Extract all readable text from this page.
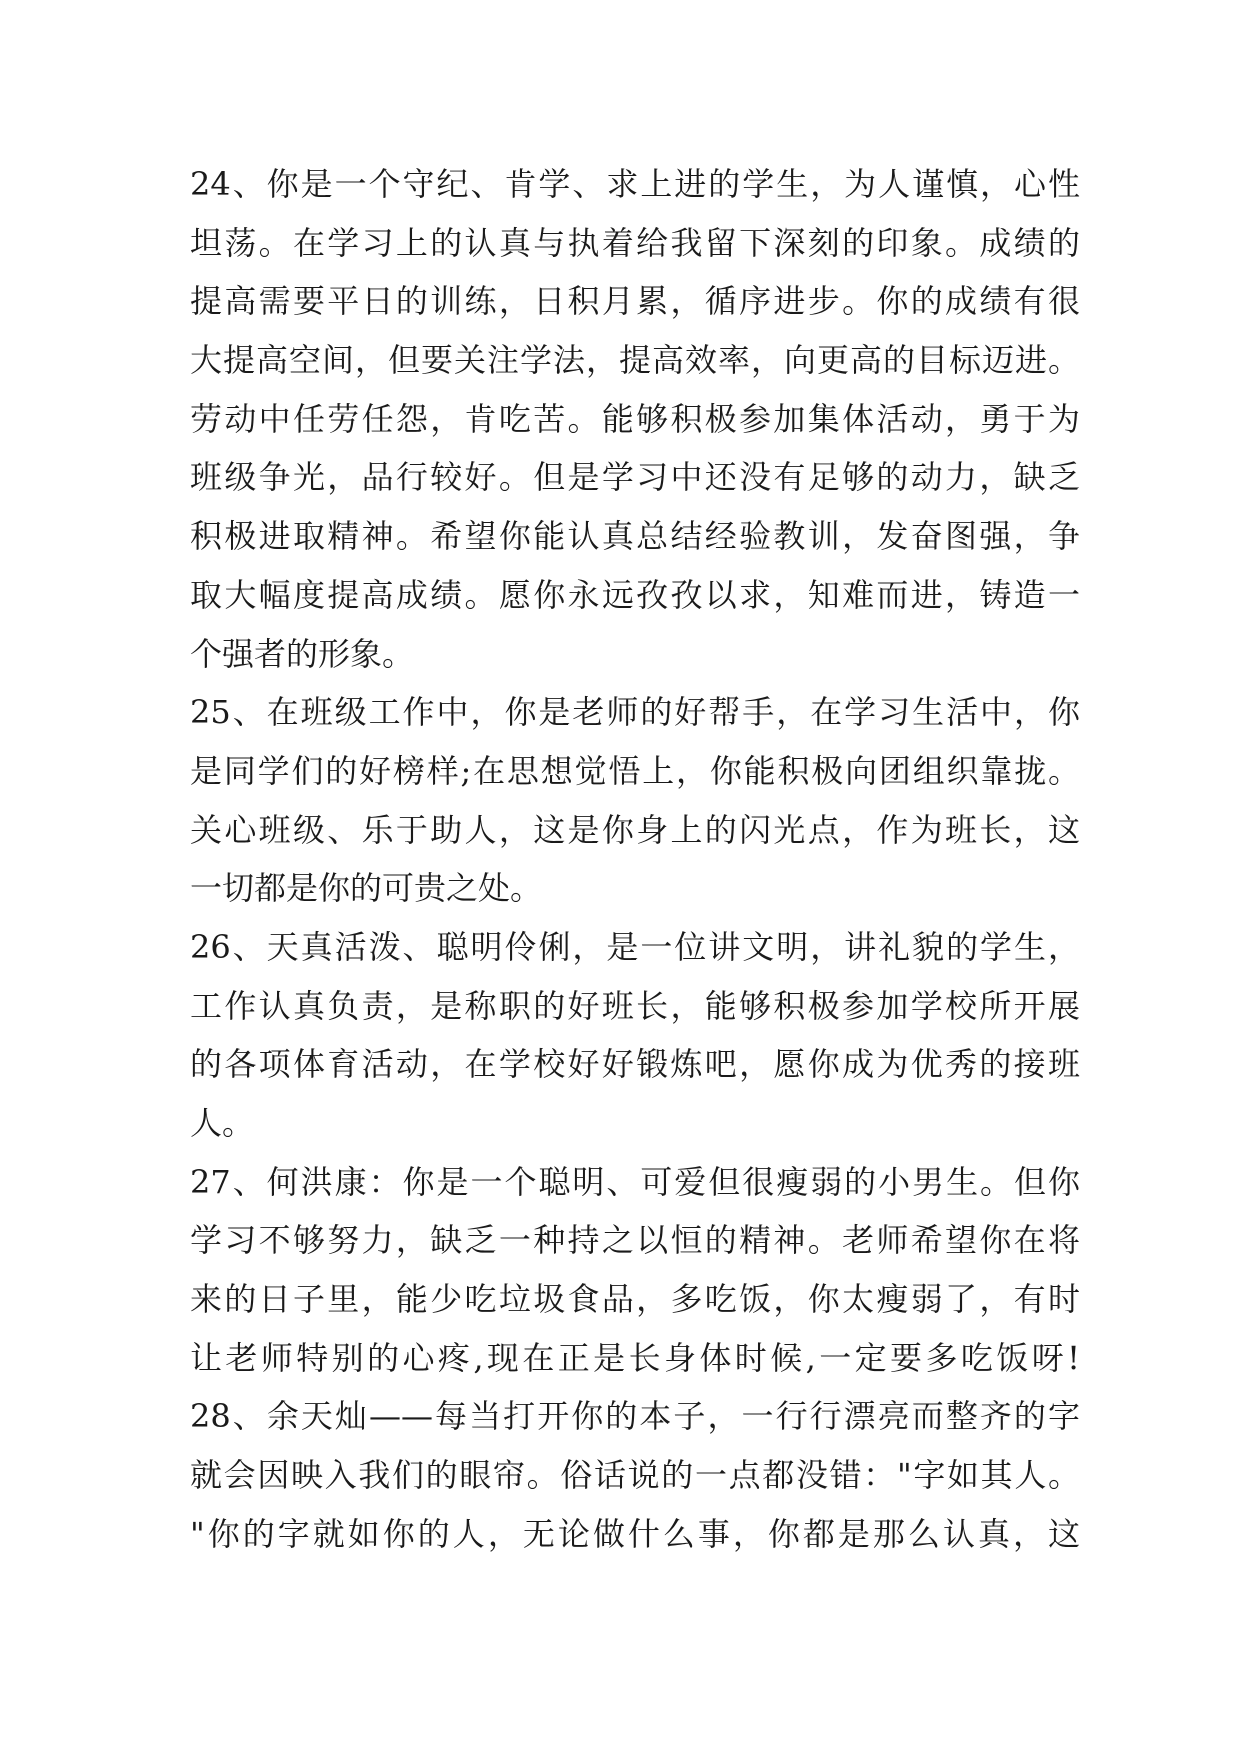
24、你是一个守纪、肯学、求上进的学生，为人谨慎，心性
坦荡。在学习上的认真与执着给我留下深刻的印象。成绩的
提高需要平日的训练，日积月累，循序进步。你的成绩有很
大提高空间，但要关注学法，提高效率，向更高的目标迈进。
劳动中任劳任怨，肯吃苦。能够积极参加集体活动，勇于为
班级争光，品行较好。但是学习中还没有足够的动力，缺乏
积极进取精神。希望你能认真总结经验教训，发奋图强，争
取大幅度提高成绩。愿你永远孜孜以求，知难而进，铸造一
个强者的形象。
25、在班级工作中，你是老师的好帮手，在学习生活中，你
是同学们的好榜样;在思想觉悟上，你能积极向团组织靠拢。
关心班级、乐于助人，这是你身上的闪光点，作为班长，这
一切都是你的可贵之处。
26、天真活泼、聪明伶俐，是一位讲文明，讲礼貌的学生，
工作认真负责，是称职的好班长，能够积极参加学校所开展
的各项体育活动，在学校好好锻炼吧，愿你成为优秀的接班
人。
27、何洪康：你是一个聪明、可爱但很瘦弱的小男生。但你
学习不够努力，缺乏一种持之以恒的精神。老师希望你在将
来的日子里，能少吃垃圾食品，多吃饭，你太瘦弱了，有时
让老师特别的心疼,现在正是长身体时候,一定要多吃饭呀!
28、余天灿——每当打开你的本子，一行行漂亮而整齐的字
就会因映入我们的眼帘。俗话说的一点都没错："字如其人。
"你的字就如你的人，无论做什么事，你都是那么认真，这
